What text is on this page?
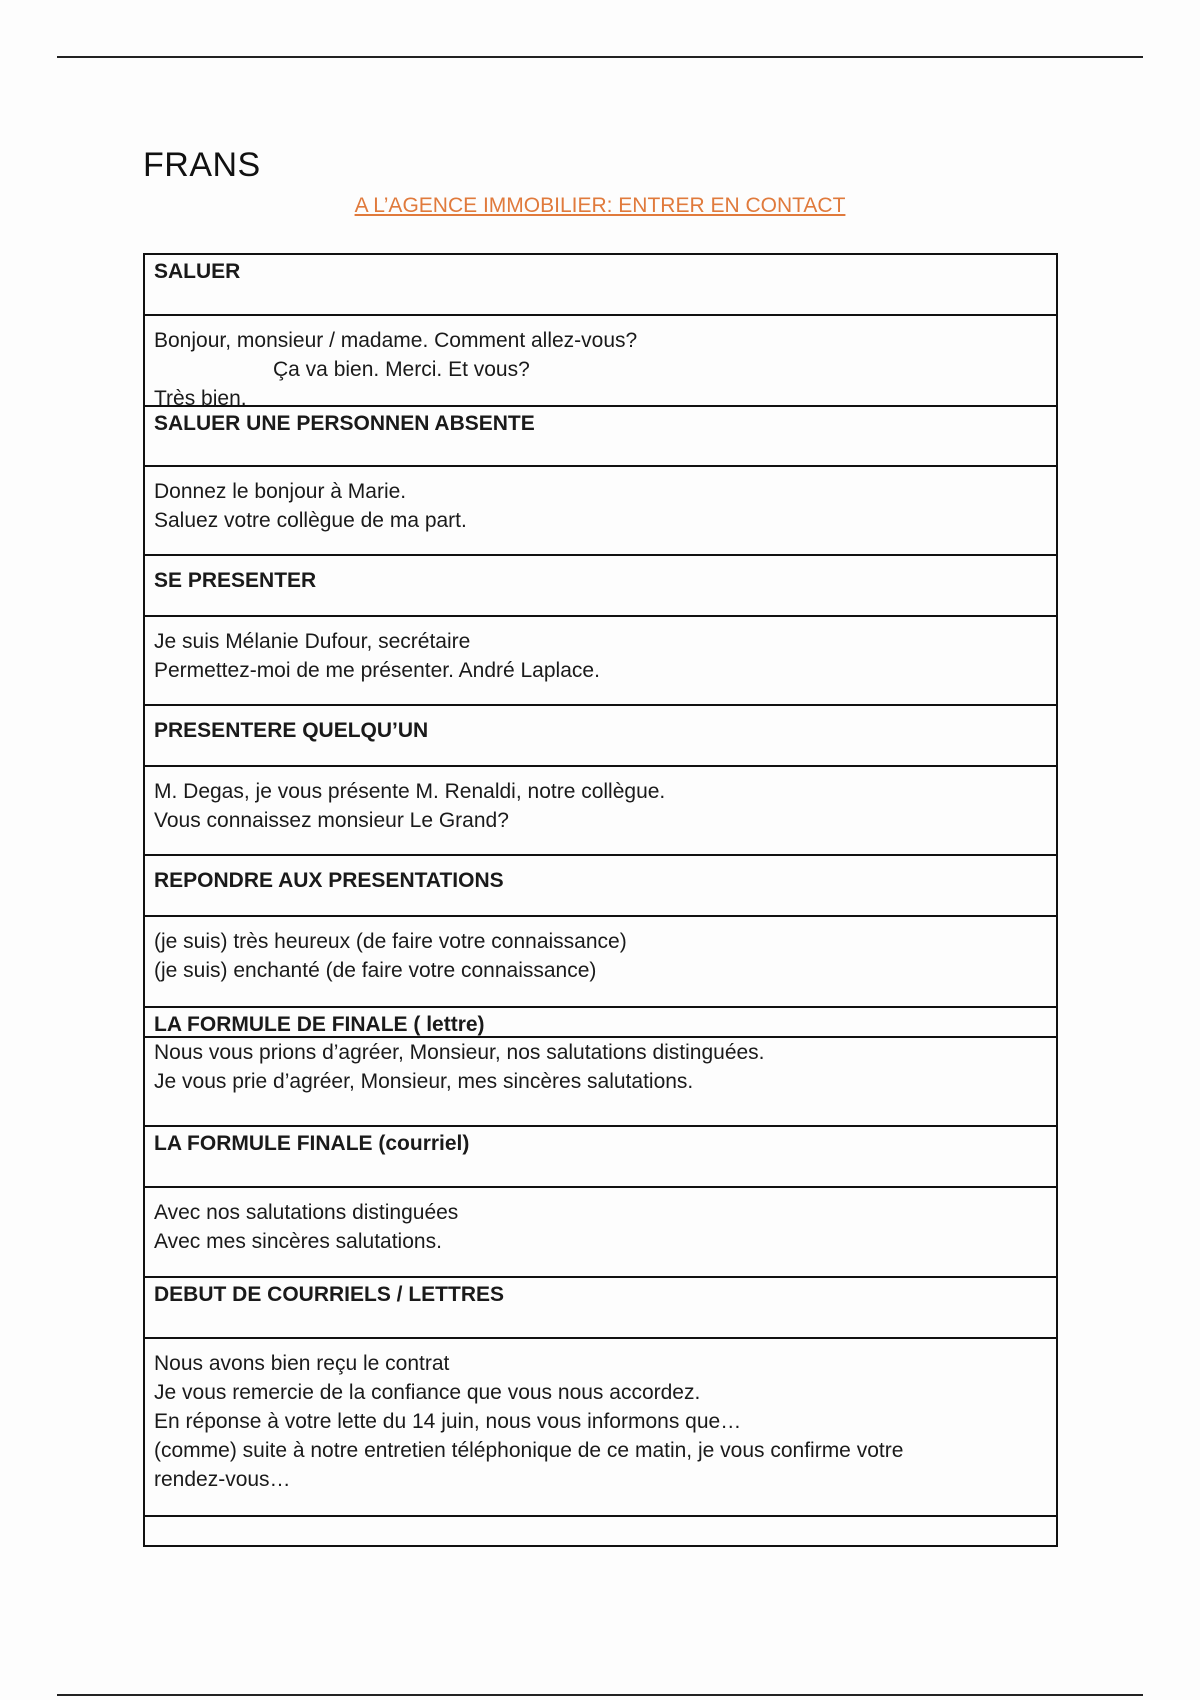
FRANS

A L’AGENCE IMMOBILIER: ENTRER EN CONTACT

SALUER
Bonjour, monsieur / madame. Comment allez-vous?
Ça va bien. Merci. Et vous?
Très bien.
SALUER UNE PERSONNEN ABSENTE
Donnez le bonjour à Marie.
Saluez votre collègue de ma part.
SE PRESENTER
Je suis Mélanie Dufour, secrétaire
Permettez-moi de me présenter. André Laplace.
PRESENTERE QUELQU’UN
M. Degas, je vous présente M. Renaldi, notre collègue.
Vous connaissez monsieur Le Grand?
REPONDRE AUX PRESENTATIONS
(je suis) très heureux (de faire votre connaissance)
(je suis) enchanté (de faire votre connaissance)
LA FORMULE DE FINALE ( lettre)
Nous vous prions d’agréer, Monsieur, nos salutations distinguées.
Je vous prie d’agréer, Monsieur, mes sincères salutations.
LA FORMULE FINALE (courriel)
Avec nos salutations distinguées
Avec mes sincères salutations.
DEBUT DE COURRIELS / LETTRES
Nous avons bien reçu le contrat
Je vous remercie de la confiance que vous nous accordez.
En réponse à votre lette du 14 juin, nous vous informons que…
(comme) suite à notre entretien téléphonique de ce matin, je vous confirme votre
rendez-vous…
